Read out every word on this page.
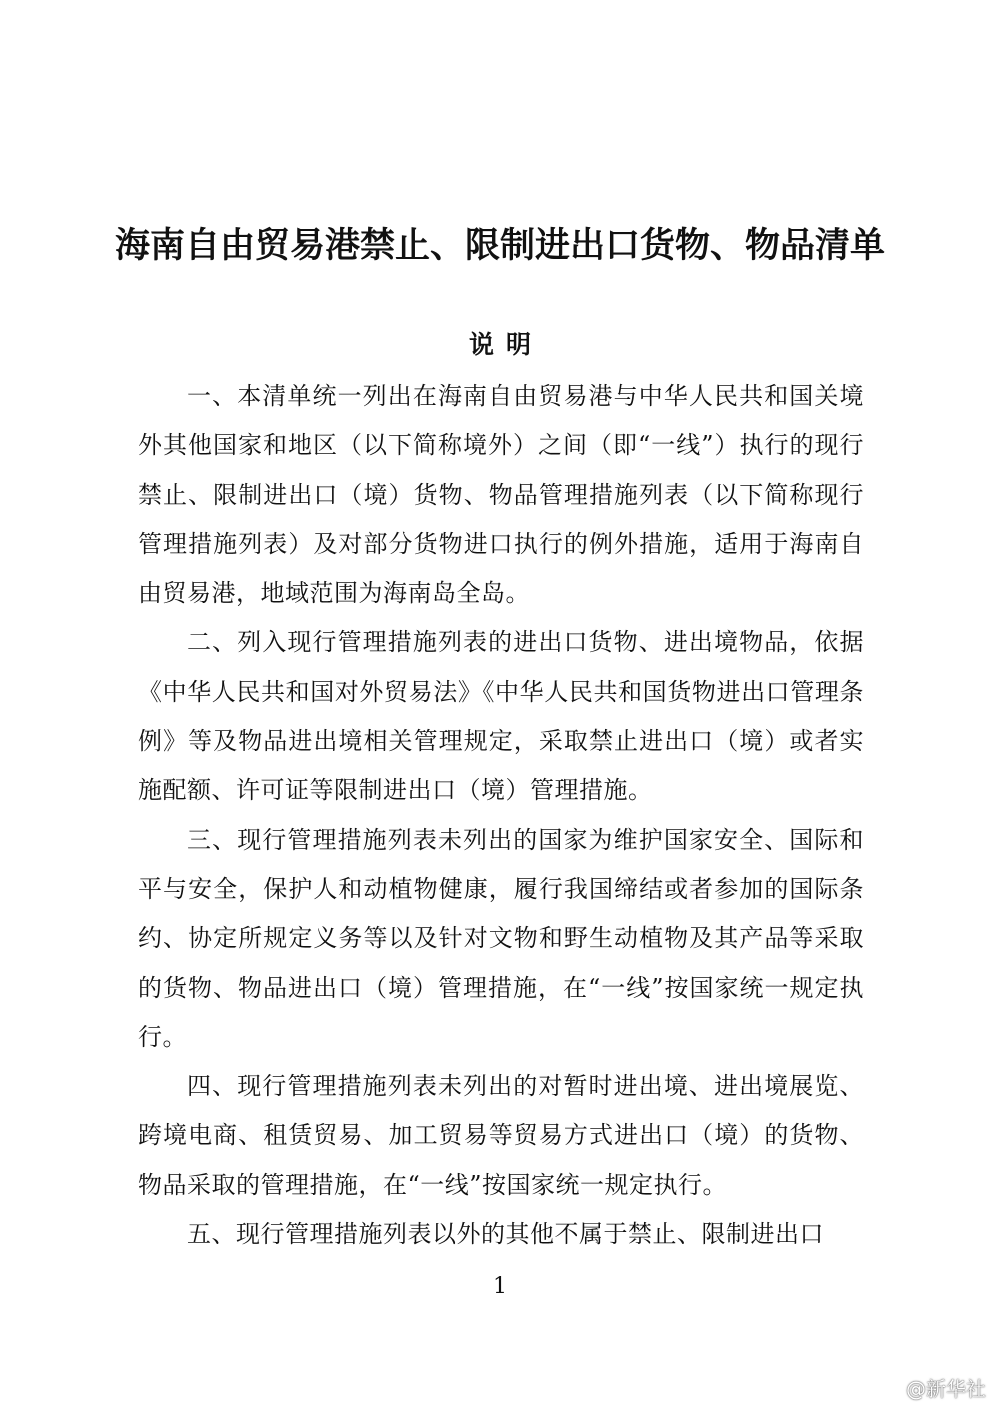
海南自由贸易港禁止、限制进出口货物、物品清单
说明

一、本清单统一列出在海南自由贸易港与中华人民共和国关境外其他国家和地区（以下简称境外）之间（即“一线”）执行的现行禁止、限制进出口（境）货物、物品管理措施列表（以下简称现行管理措施列表）及对部分货物进口执行的例外措施，适用于海南自由贸易港，地域范围为海南岛全岛。

二、列入现行管理措施列表的进出口货物、进出境物品，依据《中华人民共和国对外贸易法》《中华人民共和国货物进出口管理条例》等及物品进出境相关管理规定，采取禁止进出口（境）或者实施配额、许可证等限制进出口（境）管理措施。

三、现行管理措施列表未列出的国家为维护国家安全、国际和平与安全，保护人和动植物健康，履行我国缔结或者参加的国际条约、协定所规定义务等以及针对文物和野生动植物及其产品等采取的货物、物品进出口（境）管理措施，在“一线”按国家统一规定执行。

四、现行管理措施列表未列出的对暂时进出境、进出境展览、跨境电商、租赁贸易、加工贸易等贸易方式进出口（境）的货物、物品采取的管理措施，在“一线”按国家统一规定执行。

五、现行管理措施列表以外的其他不属于禁止、限制进出口

1
@新华社
